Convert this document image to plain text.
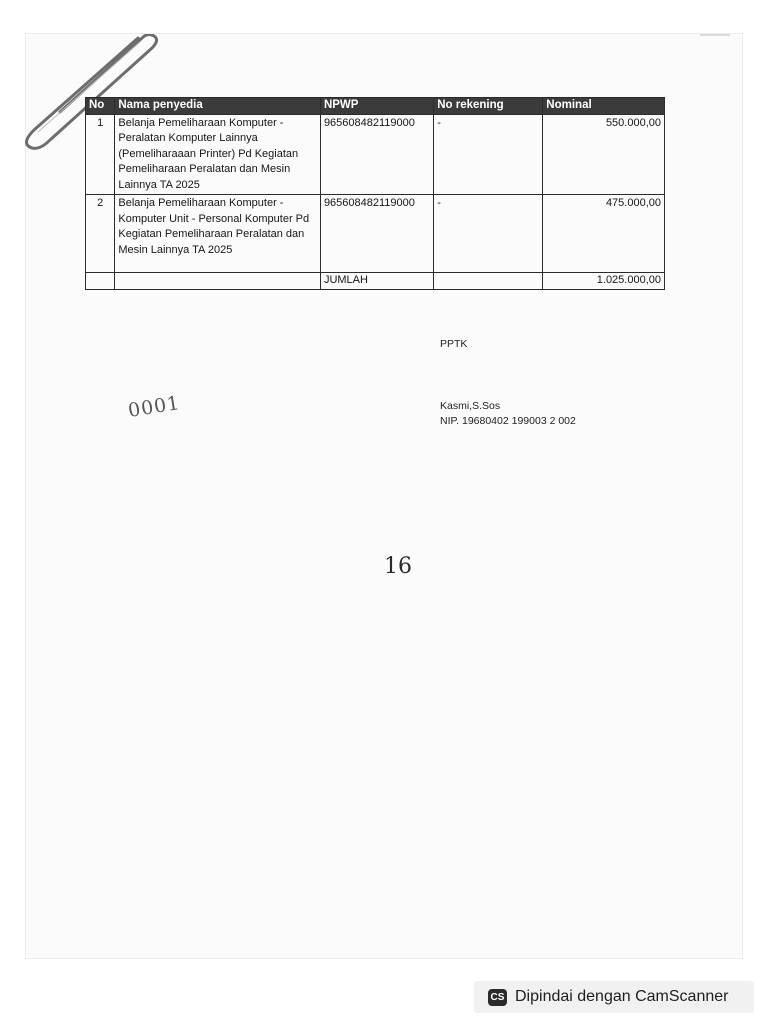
No	Nama penyedia	NPWP	No rekening	Nominal
1	Belanja Pemeliharaan Komputer - Peralatan Komputer Lainnya (Pemeliharaaan Printer) Pd Kegiatan Pemeliharaan Peralatan dan Mesin Lainnya TA 2025	965608482119000	-	550.000,00
2	Belanja Pemeliharaan Komputer - Komputer Unit - Personal Komputer Pd Kegiatan Pemeliharaan Peralatan dan Mesin Lainnya TA 2025	965608482119000	-	475.000,00
		JUMLAH		1.025.000,00
PPTK
Kasmi,S.Sos
NIP. 19680402 199003 2 002
0001
16
CS Dipindai dengan CamScanner
